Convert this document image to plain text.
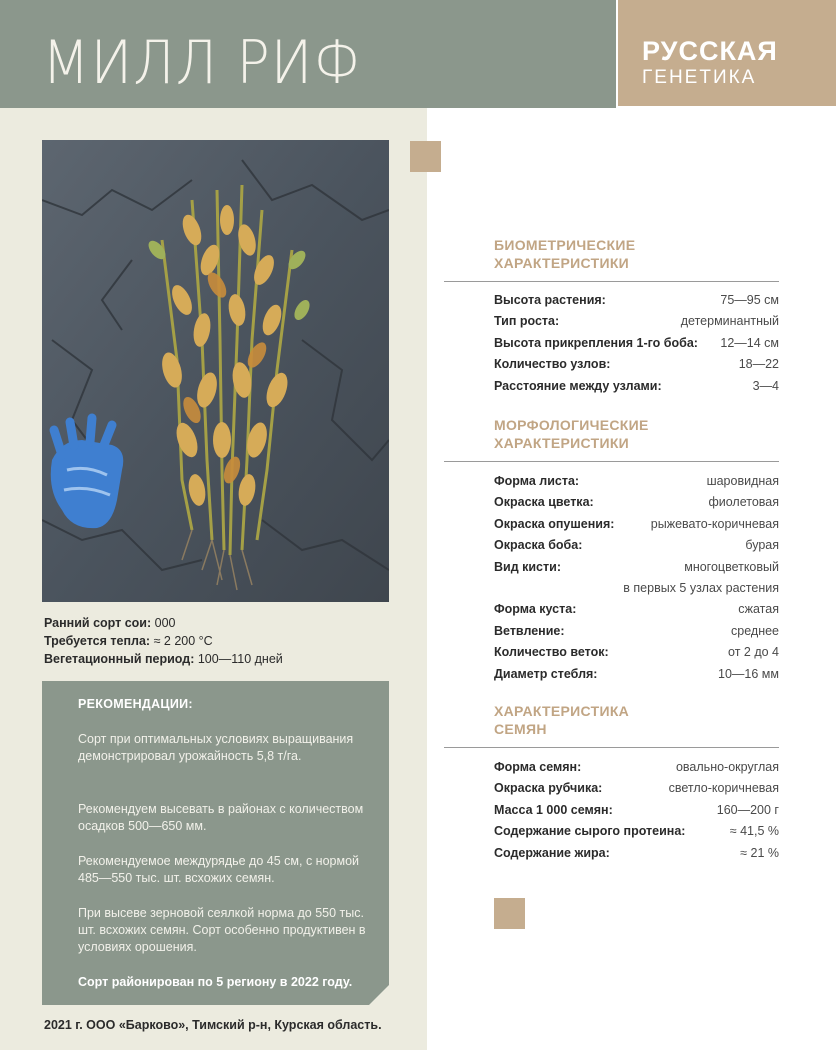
МИЛЛ РИФ	РУССКАЯ
ГЕНЕТИКА
Ранний сорт сои: 000
Требуется тепла: ≈ 2 200 °С
Вегетационный период: 100—110 дней
РЕКОМЕНДАЦИИ:
Сорт при оптимальных условиях выращивания демонстрировал урожайность 5,8 т/га.
Рекомендуем высевать в районах с количеством осадков 500—650 мм.
Рекомендуемое междурядье до 45 см, с нормой 485—550 тыс. шт. всхожих семян.
При высеве зерновой сеялкой норма до 550 тыс. шт. всхожих семян. Сорт особенно продуктивен в условиях орошения.
Сорт районирован по 5 региону в 2022 году.
2021 г. ООО «Барково», Тимский р-н, Курская область.
БИОМЕТРИЧЕСКИЕ
ХАРАКТЕРИСТИКИ
Высота растения:	75—95 см
Тип роста:	детерминантный
Высота прикрепления 1-го боба: 12—14 см
Количество узлов:	18—22
Расстояние между узлами:	3—4
МОРФОЛОГИЧЕСКИЕ
ХАРАКТЕРИСТИКИ
Форма листа:	шаровидная
Окраска цветка:	фиолетовая
Окраска опушения:	рыжевато-коричневая
Окраска боба:	бурая
Вид кисти:	многоцветковый
в первых 5 узлах растения
Форма куста:	сжатая
Ветвление:	среднее
Количество веток:	от 2 до 4
Диаметр стебля:	10—16 мм
ХАРАКТЕРИСТИКА
СЕМЯН
Форма семян:	овально-округлая
Окраска рубчика:	светло-коричневая
Масса 1 000 семян:	160—200 г
Содержание сырого протеина:	≈ 41,5 %
Содержание жира:	≈ 21 %
